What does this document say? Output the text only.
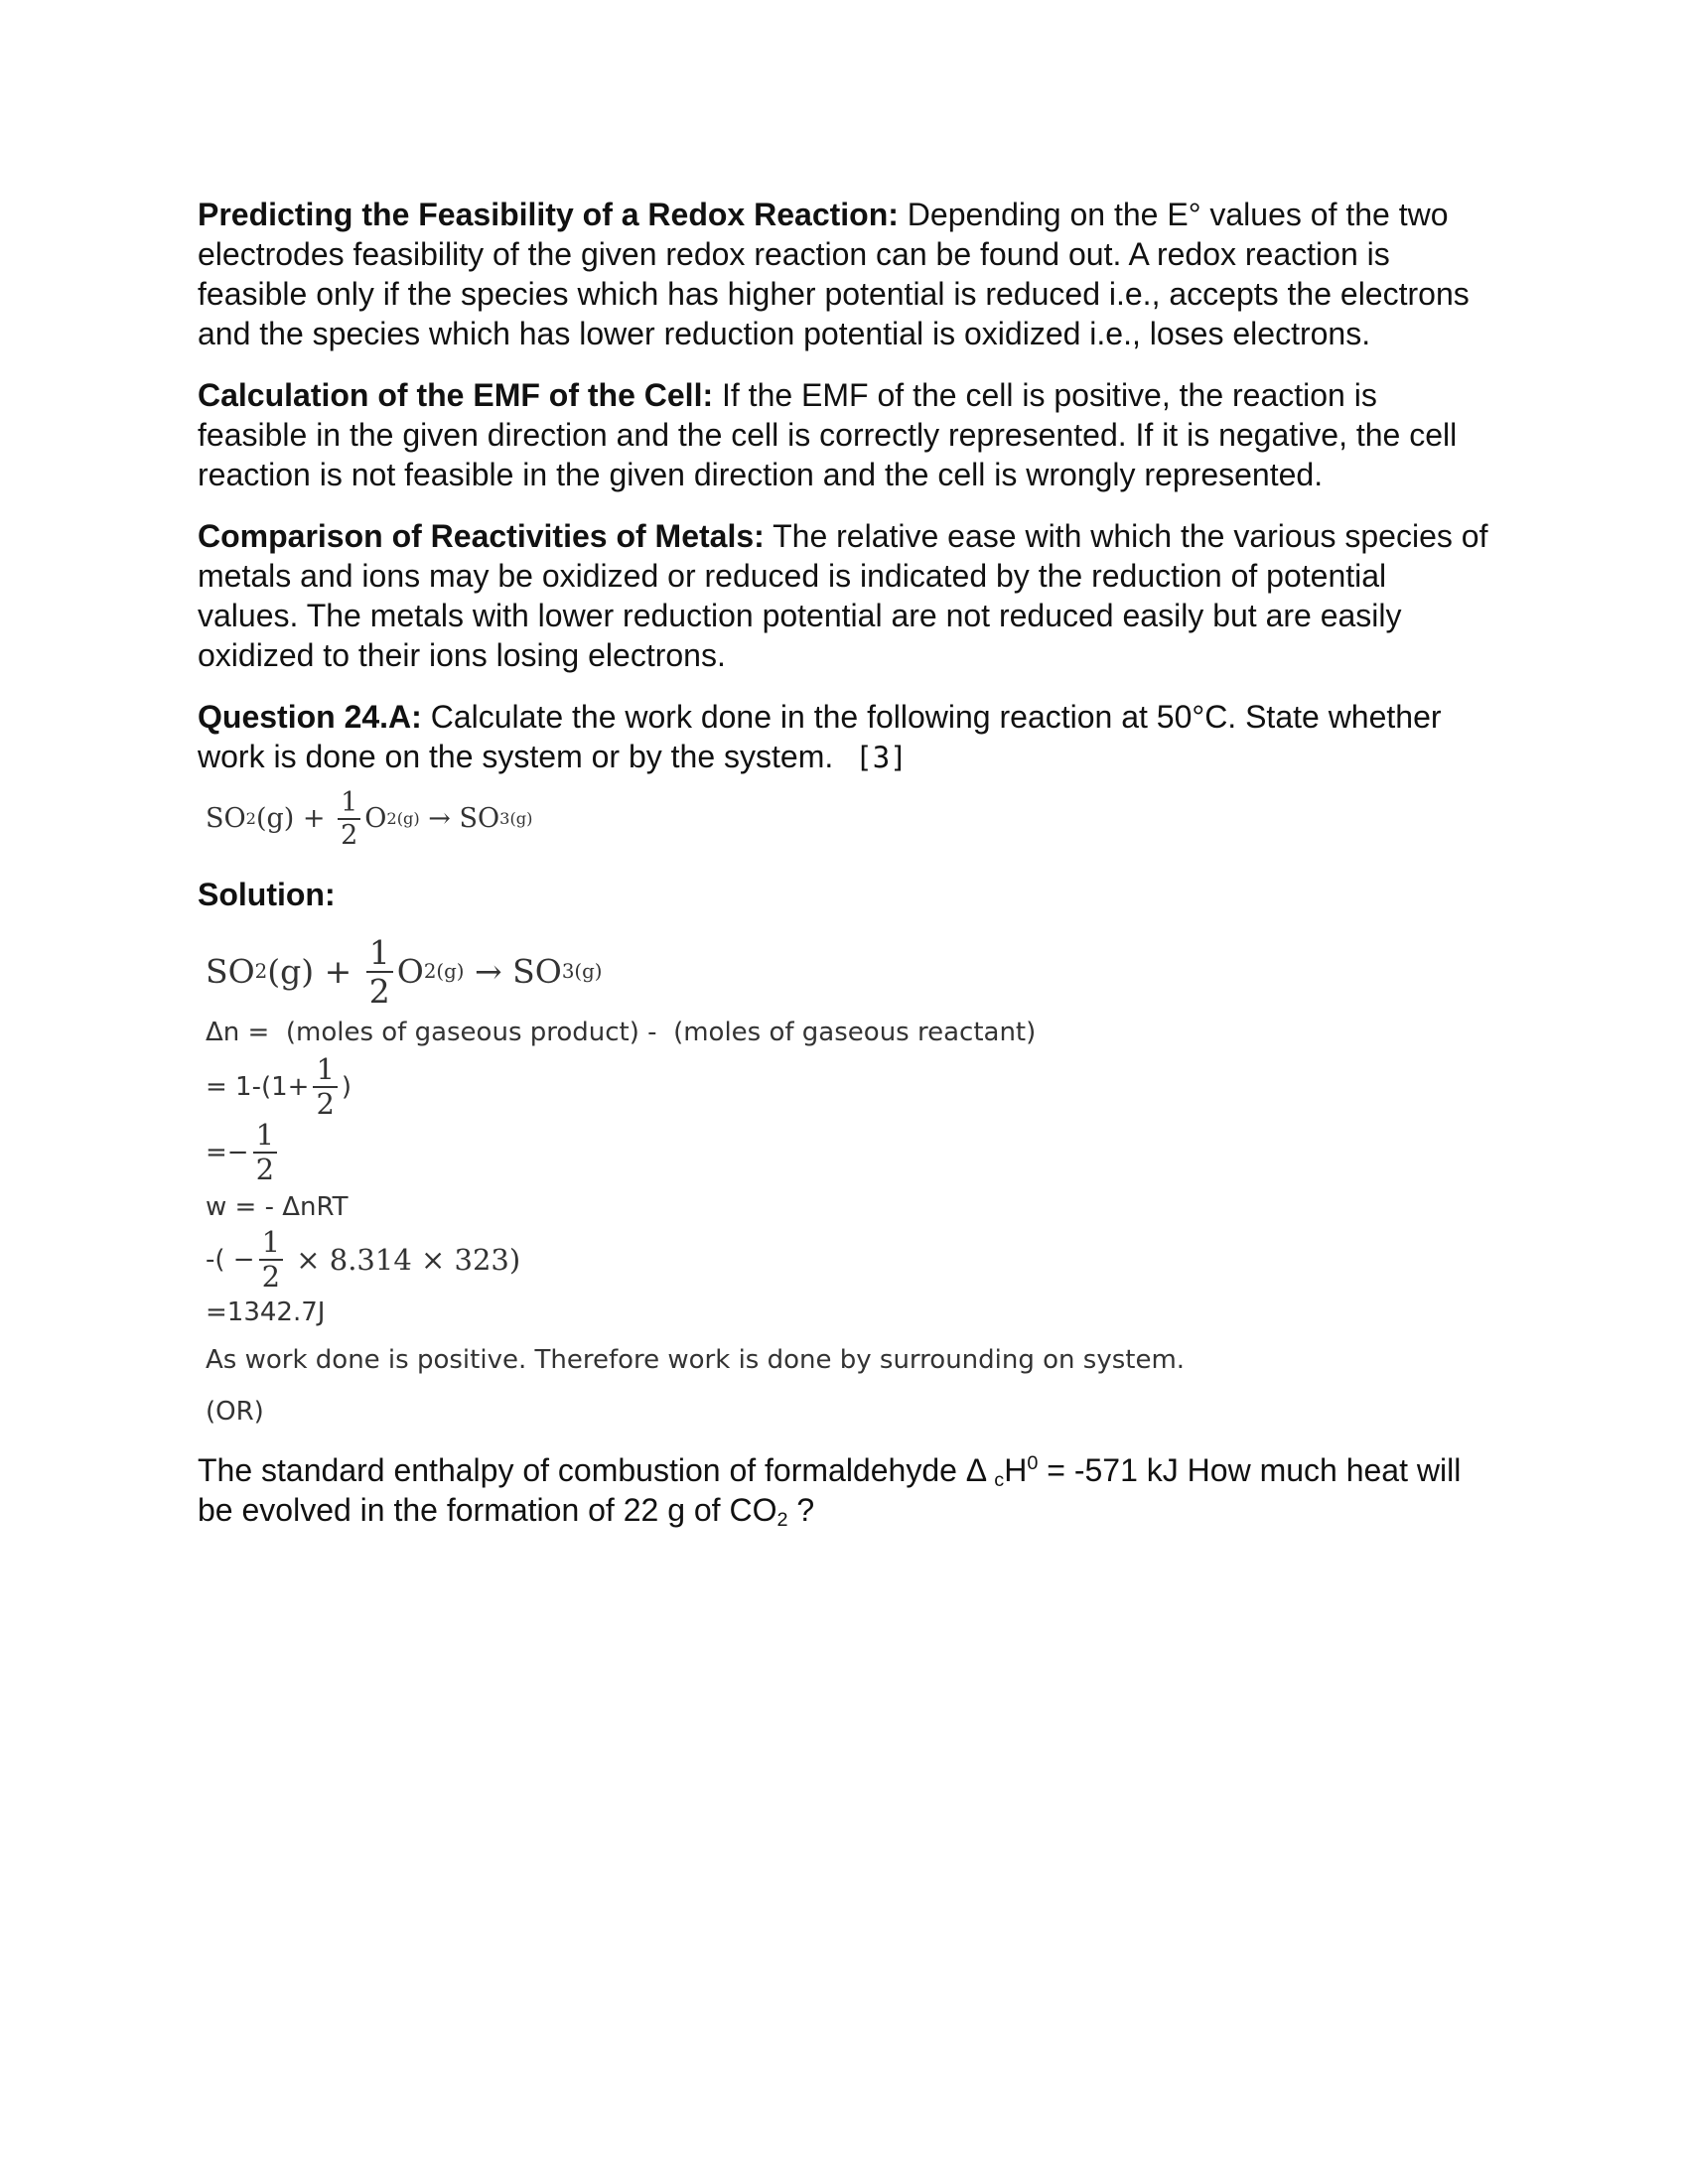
Predicting the Feasibility of a Redox Reaction: Depending on the E° values of the two electrodes feasibility of the given redox reaction can be found out. A redox reaction is feasible only if the species which has higher potential is reduced i.e., accepts the electrons and the species which has lower reduction potential is oxidized i.e., loses electrons.

Calculation of the EMF of the Cell: If the EMF of the cell is positive, the reaction is feasible in the given direction and the cell is correctly represented. If it is negative, the cell reaction is not feasible in the given direction and the cell is wrongly represented.

Comparison of Reactivities of Metals: The relative ease with which the various species of metals and ions may be oxidized or reduced is indicated by the reduction of potential values. The metals with lower reduction potential are not reduced easily but are easily oxidized to their ions losing electrons.

Question 24.A: Calculate the work done in the following reaction at 50°C. State whether work is done on the system or by the system. [3]

SO 2 $(g) + \frac{1}{2}$ O 2(g) → SO 3(g)

Solution:

SO 2 $(g) + \frac{1}{2}$ O 2(g) → SO 3(g)
Δn =  (moles of gaseous product) -  (moles of gaseous reactant)
= $1-(1+ \frac{1}{2}$ )
=− $\frac{1}{2}$
w = - ΔnRT
-( − $\frac{1}{2} \times 8.314 \times 323$)
=1342.7J
As work done is positive. Therefore work is done by surrounding on system.
(OR)

The standard enthalpy of combustion of formaldehyde Δ $_cH^0 = -571$ kJ How much heat will be evolved in the formation of 22 g of $CO_2$ ?
